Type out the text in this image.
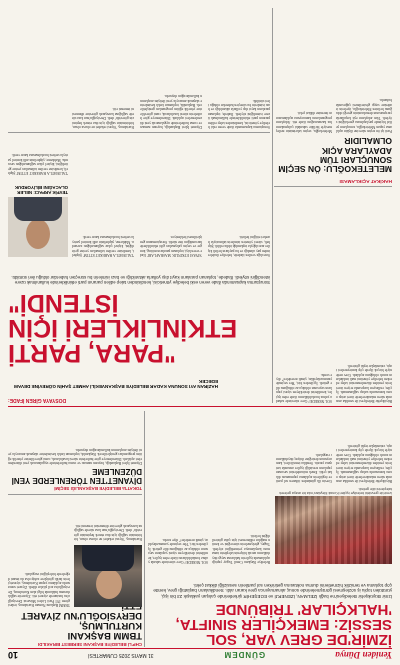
Yeniden Dünya
GÜNDEM
31 MAYIS 2025 CUMARTESİ
10
İZMİR'DE GREV VAR, SOL SESSİZ: EMEKÇİLER SINIFTA, 'HALKÇILAR' TRİBÜNDE
İzmir Büyükşehir Belediyesi'ne bağlı İZELMAN, İZENERJİ ve EGEŞEHİR şirketlerinde çalışan yaklaşık 23 bin işçi, yürütülen toplu iş sözleşmesi görüşmelerinde sonuç alınamayınca grev kararı aldı. Sendikaların başlattığı grev, kentte çöp toplama ve temizlik hizmetlerini durma noktasına getirirken sol partilerin sessizliği dikkat çekti.
İzmir'de grevdeki belediye işçileri Konak Meydanı'nda bir araya gelerek taleplerini dile getirdi.
Büyükşehir Belediyesi ile sendika arasında süren müzakerelerde ücret artışı oranı konusunda uzlaşı sağlanamadı. İşçiler, enflasyon karşısında eriyen ücretlerin yeniden düzenlenmesini talep ederken belediye yönetimi mali imkânların sınırlı olduğunu açıkladı. Grev nedeniyle birçok ilçede çöp konteynerleri taştı, vatandaşlar tepki gösterdi.
Grevin ilk gününden itibaren sol parti ve örgütlerin açıklama yapmaması dikkat çekti. Emek mücadelesini savunan yapıların sessizliği işçiler arasında tartışma yarattı. Sendika temsilcileri, kamuoyunun desteğine ihtiyaç duyduklarını vurguladı.
Belediye Başkanı Cemil Tugay yaptığı açıklamada işçilerin haklarına saygı duyduklarını ancak bütçenin taleplerin tamamını karşılamaya yetmediğini söyledi. Tugay, görüşmelerin süreceğini ve kentin mağdur edilmemesi için çaba gösterildiğini belirtti.
SOL NEREDE? Grev sürecinde sahada yalnız bırakıldıklarını ifade eden işçiler, kendilerini destekleyen siyasi yapıların sayısının oldukça az olduğunu dile getirdi. İşçilerden biri, 'Her seçimde yanımızdaydılar, şimdi neredeler?' diye sordu.
CHP'Lİ BELEDİYE BAŞKANI SERBEST BIRAKILDI
TBMM BAŞKANI KURTULMUŞ, DERYSİOĞLU'NU ZİYARET
TBMM Başkanı Numan Kurtulmuş, tedavi gören İYİ Parti Lideri Müsavat Dervişoğlu'nu hastanede ziyaret etti. Ziyarette sağlık durumu hakkında bilgi alan Kurtulmuş, Dervişoğlu'na acil şifalar diledi. Ziyaret sonrasında açıklama yapan Kurtulmuş, siyasetçilerin farklı görüşlere sahip olsa da insani değerlerde birleştiğini vurguladı.
Kurtulmuş, 'Siyasi rekabet ne olursa olsun, birbirimizin sağlığı için dua etmek hepimizin görevidir' dedi. Dervişoğlu'nun kısa sürede sağlığına kavuşarak görevine dönmesini temenni etti.
TOKAT'ta BELEDİYE BAŞKANLIĞI SEÇİMİ
DİYANET'TEN TÖRENLERDE YENİ DÜZENLEME
Diyanet İşleri Başkanlığı, bayram namazı ve cuma hutbelerinde uygulanacak yeni düzenlemeleri açıkladı. Düzenlemeye göre hutbelerin süresi kısaltılacak, cami görevlilerine yönelik eğitim programları genişletilecek. Başkanlık, toplumun farklı kesimlerine ulaşmak amacıyla yeni iletişim araçlarının kullanılacağını duyurdu.
DOSYAYA GİREN İFADE:
HAZİRAN AYI SONUNA KADAR BELEDİYE BAŞKANVEKİLİ AHMET ŞAHİN GÖREVİNE DEVAM EDECEK
"PARA, PARTİ ETKİNLİKLERİ İÇİN İSTENDİ"
Soruşturma kapsamında ifade veren eski belediye yöneticisi, kendisinden talep edilen paranın parti etkinliklerinde kullanılmak üzere istendiğini söyledi. İfadede, toplanan paraların kayıt dışı yollarla aktarıldığı ve bazı isimlerin bu süreçten haberdar olduğu ileri sürüldü.
Savcılığa verilen ifadede, belediye ihalelerinden pay alındığı ve bu payların belirli kişiler aracılığıyla toplandığı iddia edildi. Şüpheli, süreci yöneten isimlerin talimatıyla hareket ettiğini belirtti.
'SİYASİ ETKİNLİK MASRAFLARI' İfade veren kişi, toplanan paraların miting, kongre ve seçim çalışmaları gibi etkinliklerde harcandığını öne sürdü. Soruşturmanın genişletilmesi bekleniyor.
'TALİMATLA HAREKET ETTİM' Şüpheli, kendisine verilen talimatları yerine getirdiğini, kişisel çıkar sağlamadığını savundu. Mahkeme, şüphelinin adli kontrol şartıyla serbest bırakılmasına karar verdi.
TEVFİK ARPACI: NELER OLACAĞINI BİLİYORDUK
Büyükşehir Belediyesi ile sendika arasında süren müzakerelerde ücret artışı oranı konusunda uzlaşı sağlanamadı. İşçiler, enflasyon karşısında eriyen ücretlerin yeniden düzenlenmesini talep ederken belediye yönetimi mali imkânların sınırlı olduğunu açıkladı. Grev nedeniyle birçok ilçede çöp konteynerleri taştı, vatandaşlar tepki gösterdi.
SOL NEREDE? Grev sürecinde sahada yalnız bırakıldıklarını ifade eden işçiler, kendilerini destekleyen siyasi yapıların sayısının oldukça az olduğunu dile getirdi. İşçilerden biri, 'Her seçimde yanımızdaydılar, şimdi neredeler?' diye sordu.
HAKİKAT AÇIKLAMASI
MELETEKOĞLU: ÖN SEÇİM SONUÇLARI TÜM ADAYLARA AÇIK OLMALIDIR
Parti içi ön seçim sürecine ilişkin açıklama yapan Meletekoğlu, sonuçların şeffaf biçimde paylaşılması gerektiğini söyledi. Tüm adayların eşit koşullarda yarışmasının demokrasinin gereği olduğunu belirten Meletekoğlu, üyelerin iradesine saygı gösterilmesi çağrısında bulundu.
Meletekoğlu, seçim takviminin netleşmesiyle birlikte sahadaki çalışmaların hız kazanacağını ifade etti. Adayların programlarını kamuoyuna açıklamasının önemine dikkat çekti.
Soruşturma kapsamında ifade veren eski belediye yöneticisi, kendisinden talep edilen paranın parti etkinliklerinde kullanılmak üzere istendiğini söyledi. İfadede, toplanan paraların kayıt dışı yollarla aktarıldığı ve bazı isimlerin bu süreçten haberdar olduğu ileri sürüldü.
Diyanet İşleri Başkanlığı, bayram namazı ve cuma hutbelerinde uygulanacak yeni düzenlemeleri açıkladı. Düzenlemeye göre hutbelerin süresi kısaltılacak, cami görevlilerine yönelik eğitim programları genişletilecek. Başkanlık, toplumun farklı kesimlerine ulaşmak amacıyla yeni iletişim araçlarının kullanılacağını duyurdu.
Kurtulmuş, 'Siyasi rekabet ne olursa olsun, birbirimizin sağlığı için dua etmek hepimizin görevidir' dedi. Dervişoğlu'nun kısa sürede sağlığına kavuşarak görevine dönmesini temenni etti.
'TALİMATLA HAREKET ETTİM' Şüpheli, kendisine verilen talimatları yerine getirdiğini, kişisel çıkar sağlamadığını savundu. Mahkeme, şüphelinin adli kontrol şartıyla serbest bırakılmasına karar verdi.
